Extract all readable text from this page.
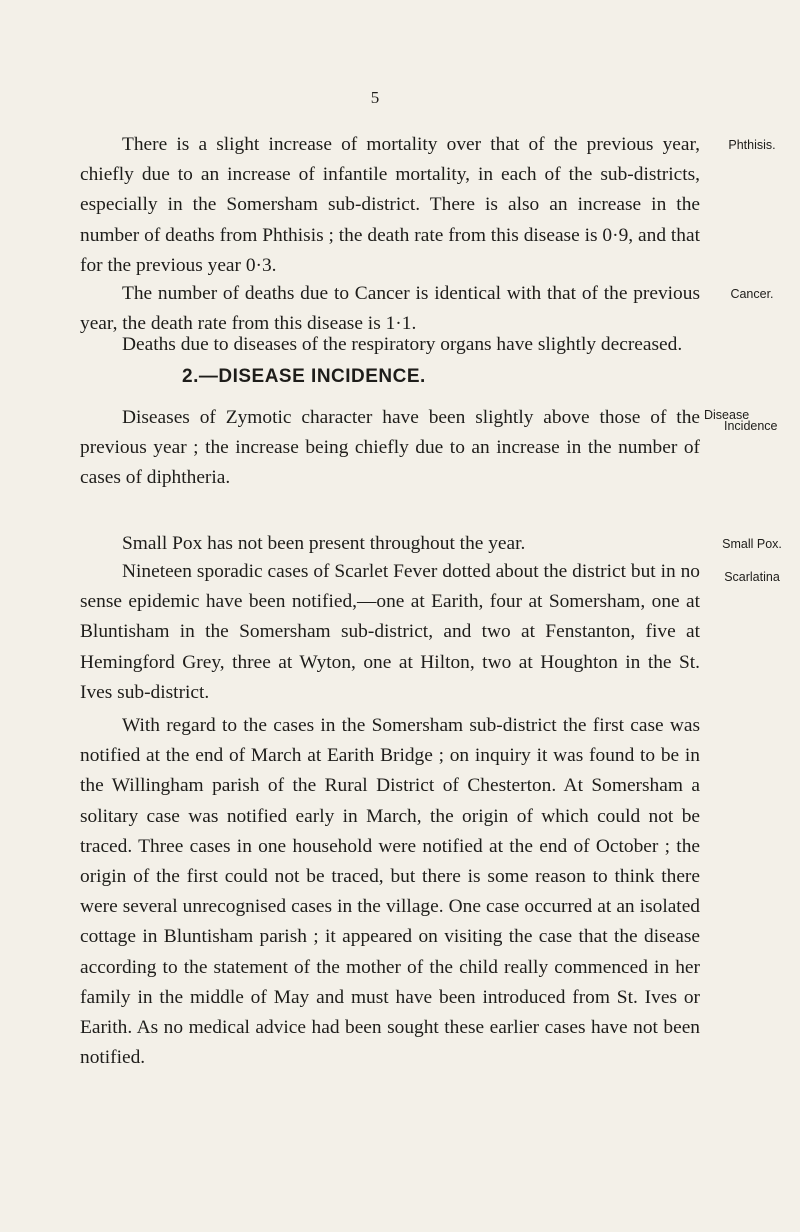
5

There is a slight increase of mortality over that of the previous year, chiefly due to an increase of infantile mortality, in each of the sub-districts, especially in the Somersham sub-district. There is also an increase in the number of deaths from Phthisis ; the death rate from this disease is 0·9, and that for the previous year 0·3.

Phthisis.

The number of deaths due to Cancer is identical with that of the previous year, the death rate from this disease is 1·1.

Cancer.

Deaths due to diseases of the respiratory organs have slightly decreased.

2.—DISEASE INCIDENCE.

Diseases of Zymotic character have been slightly above those of the previous year ; the increase being chiefly due to an increase in the number of cases of diphtheria.

Disease
Incidence

Small Pox has not been present throughout the year.	Small Pox.

Nineteen sporadic cases of Scarlet Fever dotted about the district but in no sense epidemic have been notified,—one at Earith, four at Somersham, one at Bluntisham in the Somersham sub-district, and two at Fenstanton, five at Hemingford Grey, three at Wyton, one at Hilton, two at Houghton in the St. Ives sub-district.

Scarlatina

With regard to the cases in the Somersham sub-district the first case was notified at the end of March at Earith Bridge ; on inquiry it was found to be in the Willingham parish of the Rural District of Chesterton. At Somersham a solitary case was notified early in March, the origin of which could not be traced. Three cases in one household were notified at the end of October ; the origin of the first could not be traced, but there is some reason to think there were several unrecognised cases in the village. One case occurred at an isolated cottage in Bluntisham parish ; it appeared on visiting the case that the disease according to the statement of the mother of the child really commenced in her family in the middle of May and must have been introduced from St. Ives or Earith. As no medical advice had been sought these earlier cases have not been notified.
